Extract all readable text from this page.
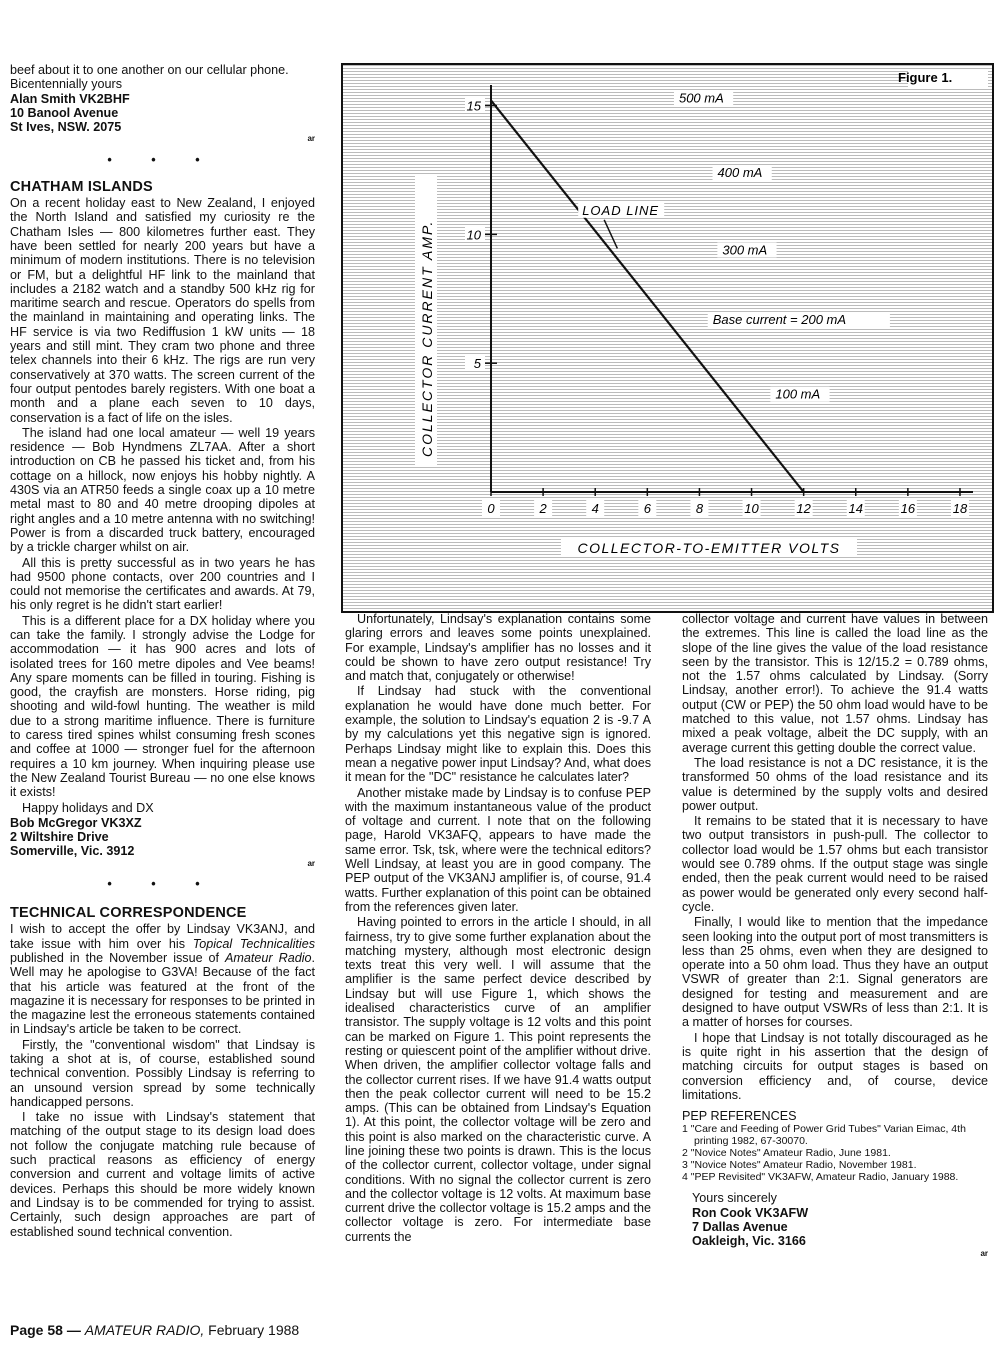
beef about it to one another on our cellular phone.
Bicentennially yours
Alan Smith VK2BHF
10 Banool Avenue
St Ives, NSW. 2075
ar
• • •
CHATHAM ISLANDS

On a recent holiday east to New Zealand, I enjoyed the North Island and satisfied my curiosity re the Chatham Isles — 800 kilometres further east. They have been settled for nearly 200 years but have a minimum of modern institutions. There is no television or FM, but a delightful HF link to the mainland that includes a 2182 watch and a standby 500 kHz rig for maritime search and rescue. Operators do spells from the mainland in maintaining and operating links. The HF service is via two Rediffusion 1 kW units — 18 years and still mint. They cram two phone and three telex channels into their 6 kHz. The rigs are run very conservatively at 370 watts. The screen current of the four output pentodes barely registers. With one boat a month and a plane each seven to 10 days, conservation is a fact of life on the isles.

The island had one local amateur — well 19 years residence — Bob Hyndmens ZL7AA. After a short introduction on CB he passed his ticket and, from his cottage on a hillock, now enjoys his hobby nightly. A 430S via an ATR50 feeds a single coax up a 10 metre metal mast to 80 and 40 metre drooping dipoles at right angles and a 10 metre antenna with no switching! Power is from a discarded truck battery, encouraged by a trickle charger whilst on air.

All this is pretty successful as in two years he has had 9500 phone contacts, over 200 countries and I could not memorise the certificates and awards. At 79, his only regret is he didn't start earlier!

This is a different place for a DX holiday where you can take the family. I strongly advise the Lodge for accommodation — it has 900 acres and lots of isolated trees for 160 metre dipoles and Vee beams! Any spare moments can be filled in touring. Fishing is good, the crayfish are monsters. Horse riding, pig shooting and wild-fowl hunting. The weather is mild due to a strong maritime influence. There is furniture to caress tired spines whilst consuming fresh scones and coffee at 1000 — stronger fuel for the afternoon requires a 10 km journey. When inquiring please use the New Zealand Tourist Bureau — no one else knows it exists!

Happy holidays and DX

Bob McGregor VK3XZ
2 Wiltshire Drive
Somerville, Vic. 3912
ar
• • •
TECHNICAL CORRESPONDENCE

I wish to accept the offer by Lindsay VK3ANJ, and take issue with him over his Topical Technicalities published in the November issue of Amateur Radio. Well may he apologise to G3VA! Because of the fact that his article was featured at the front of the magazine it is necessary for responses to be printed in the magazine lest the erroneous statements contained in Lindsay's article be taken to be correct.

Firstly, the "conventional wisdom" that Lindsay is taking a shot at is, of course, established sound technical convention. Possibly Lindsay is referring to an unsound version spread by some technically handicapped persons.

I take no issue with Lindsay's statement that matching of the output stage to its design load does not follow the conjugate matching rule because of such practical reasons as efficiency of energy conversion and current and voltage limits of active devices. Perhaps this should be more widely known and Lindsay is to be commended for trying to assist. Certainly, such design approaches are part of established sound technical convention.

Figure 1.
0	2	4	6	8	10	12	14	16	18
15
10
5
500 mA
400 mA
300 mA
Base current = 200 mA
100 mA
LOAD LINE
COLLECTOR CURRENT AMP.
COLLECTOR-TO-EMITTER VOLTS

Unfortunately, Lindsay's explanation contains some glaring errors and leaves some points unexplained. For example, Lindsay's amplifier has no losses and it could be shown to have zero output resistance! Try and match that, conjugately or otherwise!

If Lindsay had stuck with the conventional explanation he would have done much better. For example, the solution to Lindsay's equation 2 is -9.7 A by my calculations yet this negative sign is ignored. Perhaps Lindsay might like to explain this. Does this mean a negative power input Lindsay? And, what does it mean for the "DC" resistance he calculates later?

Another mistake made by Lindsay is to confuse PEP with the maximum instantaneous value of the product of voltage and current. I note that on the following page, Harold VK3AFQ, appears to have made the same error. Tsk, tsk, where were the technical editors? Well Lindsay, at least you are in good company. The PEP output of the VK3ANJ amplifier is, of course, 91.4 watts. Further explanation of this point can be obtained from the references given later.

Having pointed to errors in the article I should, in all fairness, try to give some further explanation about the matching mystery, although most electronic design texts treat this very well. I will assume that the amplifier is the same perfect device described by Lindsay but will use Figure 1, which shows the idealised characteristics curve of an amplifier transistor. The supply voltage is 12 volts and this point can be marked on Figure 1. This point represents the resting or quiescent point of the amplifier without drive. When driven, the amplifier collector voltage falls and the collector current rises. If we have 91.4 watts output then the peak collector current will need to be 15.2 amps. (This can be obtained from Lindsay's Equation 1). At this point, the collector voltage will be zero and this point is also marked on the characteristic curve. A line joining these two points is drawn. This is the locus of the collector current, collector voltage, under signal conditions. With no signal the collector current is zero and the collector voltage is 12 volts. At maximum base current drive the collector voltage is 15.2 amps and the collector voltage is zero. For intermediate base currents the

collector voltage and current have values in between the extremes. This line is called the load line as the slope of the line gives the value of the load resistance seen by the transistor. This is 12/15.2 = 0.789 ohms, not the 1.57 ohms calculated by Lindsay. (Sorry Lindsay, another error!). To achieve the 91.4 watts output (CW or PEP) the 50 ohm load would have to be matched to this value, not 1.57 ohms. Lindsay has mixed a peak voltage, albeit the DC supply, with an average current this getting double the correct value.

The load resistance is not a DC resistance, it is the transformed 50 ohms of the load resistance and its value is determined by the supply volts and desired power output.

It remains to be stated that it is necessary to have two output transistors in push-pull. The collector to collector load would be 1.57 ohms but each transistor would see 0.789 ohms. If the output stage was single ended, then the peak current would need to be raised as power would be generated only every second half-cycle.

Finally, I would like to mention that the impedance seen looking into the output port of most transmitters is less than 25 ohms, even when they are designed to operate into a 50 ohm load. Thus they have an output VSWR of greater than 2:1. Signal generators are designed for testing and measurement and are designed to have output VSWRs of less than 2:1. It is a matter of horses for courses.

I hope that Lindsay is not totally discouraged as he is quite right in his assertion that the design of matching circuits for output stages is based on conversion efficiency and, of course, device limitations.

PEP REFERENCES
1 "Care and Feeding of Power Grid Tubes" Varian Eimac, 4th printing 1982, 67-30070.
2 "Novice Notes" Amateur Radio, June 1981.
3 "Novice Notes" Amateur Radio, November 1981.
4 "PEP Revisited" VK3AFW, Amateur Radio, January 1988.
Yours sincerely
Ron Cook VK3AFW
7 Dallas Avenue
Oakleigh, Vic. 3166
ar
Page 58 — AMATEUR RADIO, February 1988
